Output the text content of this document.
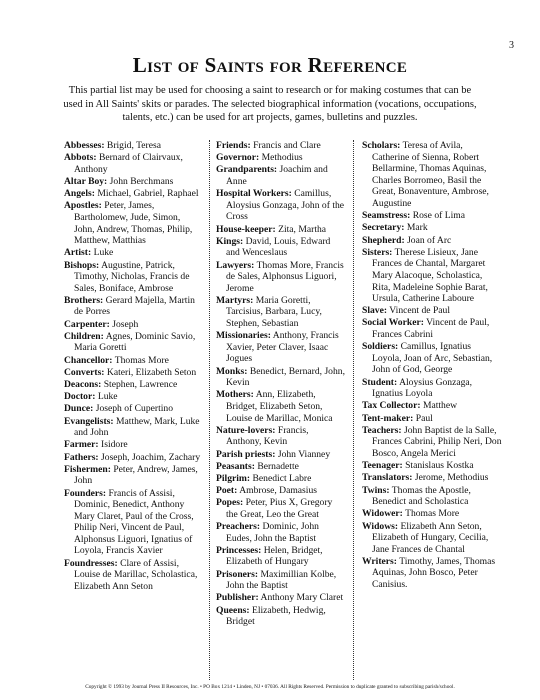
3
List of Saints for Reference

This partial list may be used for choosing a saint to research or for making costumes that can be used in All Saints' skits or parades. The selected biographical information (vocations, occupations, talents, etc.) can be used for art projects, games, bulletins and puzzles.

Abbesses: Brigid, Teresa
Abbots: Bernard of Clairvaux, Anthony
Altar Boy: John Berchmans
Angels: Michael, Gabriel, Raphael
Apostles: Peter, James, Bartholomew, Jude, Simon, John, Andrew, Thomas, Philip, Matthew, Matthias
Artist: Luke
Bishops: Augustine, Patrick, Timothy, Nicholas, Francis de Sales, Boniface, Ambrose
Brothers: Gerard Majella, Martin de Porres
Carpenter: Joseph
Children: Agnes, Dominic Savio, Maria Goretti
Chancellor: Thomas More
Converts: Kateri, Elizabeth Seton
Deacons: Stephen, Lawrence
Doctor: Luke
Dunce: Joseph of Cupertino
Evangelists: Matthew, Mark, Luke and John
Farmer: Isidore
Fathers: Joseph, Joachim, Zachary
Fishermen: Peter, Andrew, James, John
Founders: Francis of Assisi, Dominic, Benedict, Anthony Mary Claret, Paul of the Cross, Philip Neri, Vincent de Paul, Alphonsus Liguori, Ignatius of Loyola, Francis Xavier
Foundresses: Clare of Assisi, Louise de Marillac, Scholastica, Elizabeth Ann Seton
Friends: Francis and Clare
Governor: Methodius
Grandparents: Joachim and Anne
Hospital Workers: Camillus, Aloysius Gonzaga, John of the Cross
House-keeper: Zita, Martha
Kings: David, Louis, Edward and Wenceslaus
Lawyers: Thomas More, Francis de Sales, Alphonsus Liguori, Jerome
Martyrs: Maria Goretti, Tarcisius, Barbara, Lucy, Stephen, Sebastian
Missionaries: Anthony, Francis Xavier, Peter Claver, Isaac Jogues
Monks: Benedict, Bernard, John, Kevin
Mothers: Ann, Elizabeth, Bridget, Elizabeth Seton, Louise de Marillac, Monica
Nature-lovers: Francis, Anthony, Kevin
Parish priests: John Vianney
Peasants: Bernadette
Pilgrim: Benedict Labre
Poet: Ambrose, Damasius
Popes: Peter, Pius X, Gregory the Great, Leo the Great
Preachers: Dominic, John Eudes, John the Baptist
Princesses: Helen, Bridget, Elizabeth of Hungary
Prisoners: Maximillian Kolbe, John the Baptist
Publisher: Anthony Mary Claret
Queens: Elizabeth, Hedwig, Bridget
Scholars: Teresa of Avila, Catherine of Sienna, Robert Bellarmine, Thomas Aquinas, Charles Borromeo, Basil the Great, Bonaventure, Ambrose, Augustine
Seamstress: Rose of Lima
Secretary: Mark
Shepherd: Joan of Arc
Sisters: Therese Lisieux, Jane Frances de Chantal, Margaret Mary Alacoque, Scholastica, Rita, Madeleine Sophie Barat, Ursula, Catherine Laboure
Slave: Vincent de Paul
Social Worker: Vincent de Paul, Frances Cabrini
Soldiers: Camillus, Ignatius Loyola, Joan of Arc, Sebastian, John of God, George
Student: Aloysius Gonzaga, Ignatius Loyola
Tax Collector: Matthew
Tent-maker: Paul
Teachers: John Baptist de la Salle, Frances Cabrini, Philip Neri, Don Bosco, Angela Merici
Teenager: Stanislaus Kostka
Translators: Jerome, Methodius
Twins: Thomas the Apostle, Benedict and Scholastica
Widower: Thomas More
Widows: Elizabeth Ann Seton, Elizabeth of Hungary, Cecilia, Jane Frances de Chantal
Writers: Timothy, James, Thomas Aquinas, John Bosco, Peter Canisius.
Copyright © 1993 by Journal Press II Resources, Inc. • PO Box 1214 • Linden, NJ • 07036. All Rights Reserved. Permission to duplicate granted to subscribing parish/school.
